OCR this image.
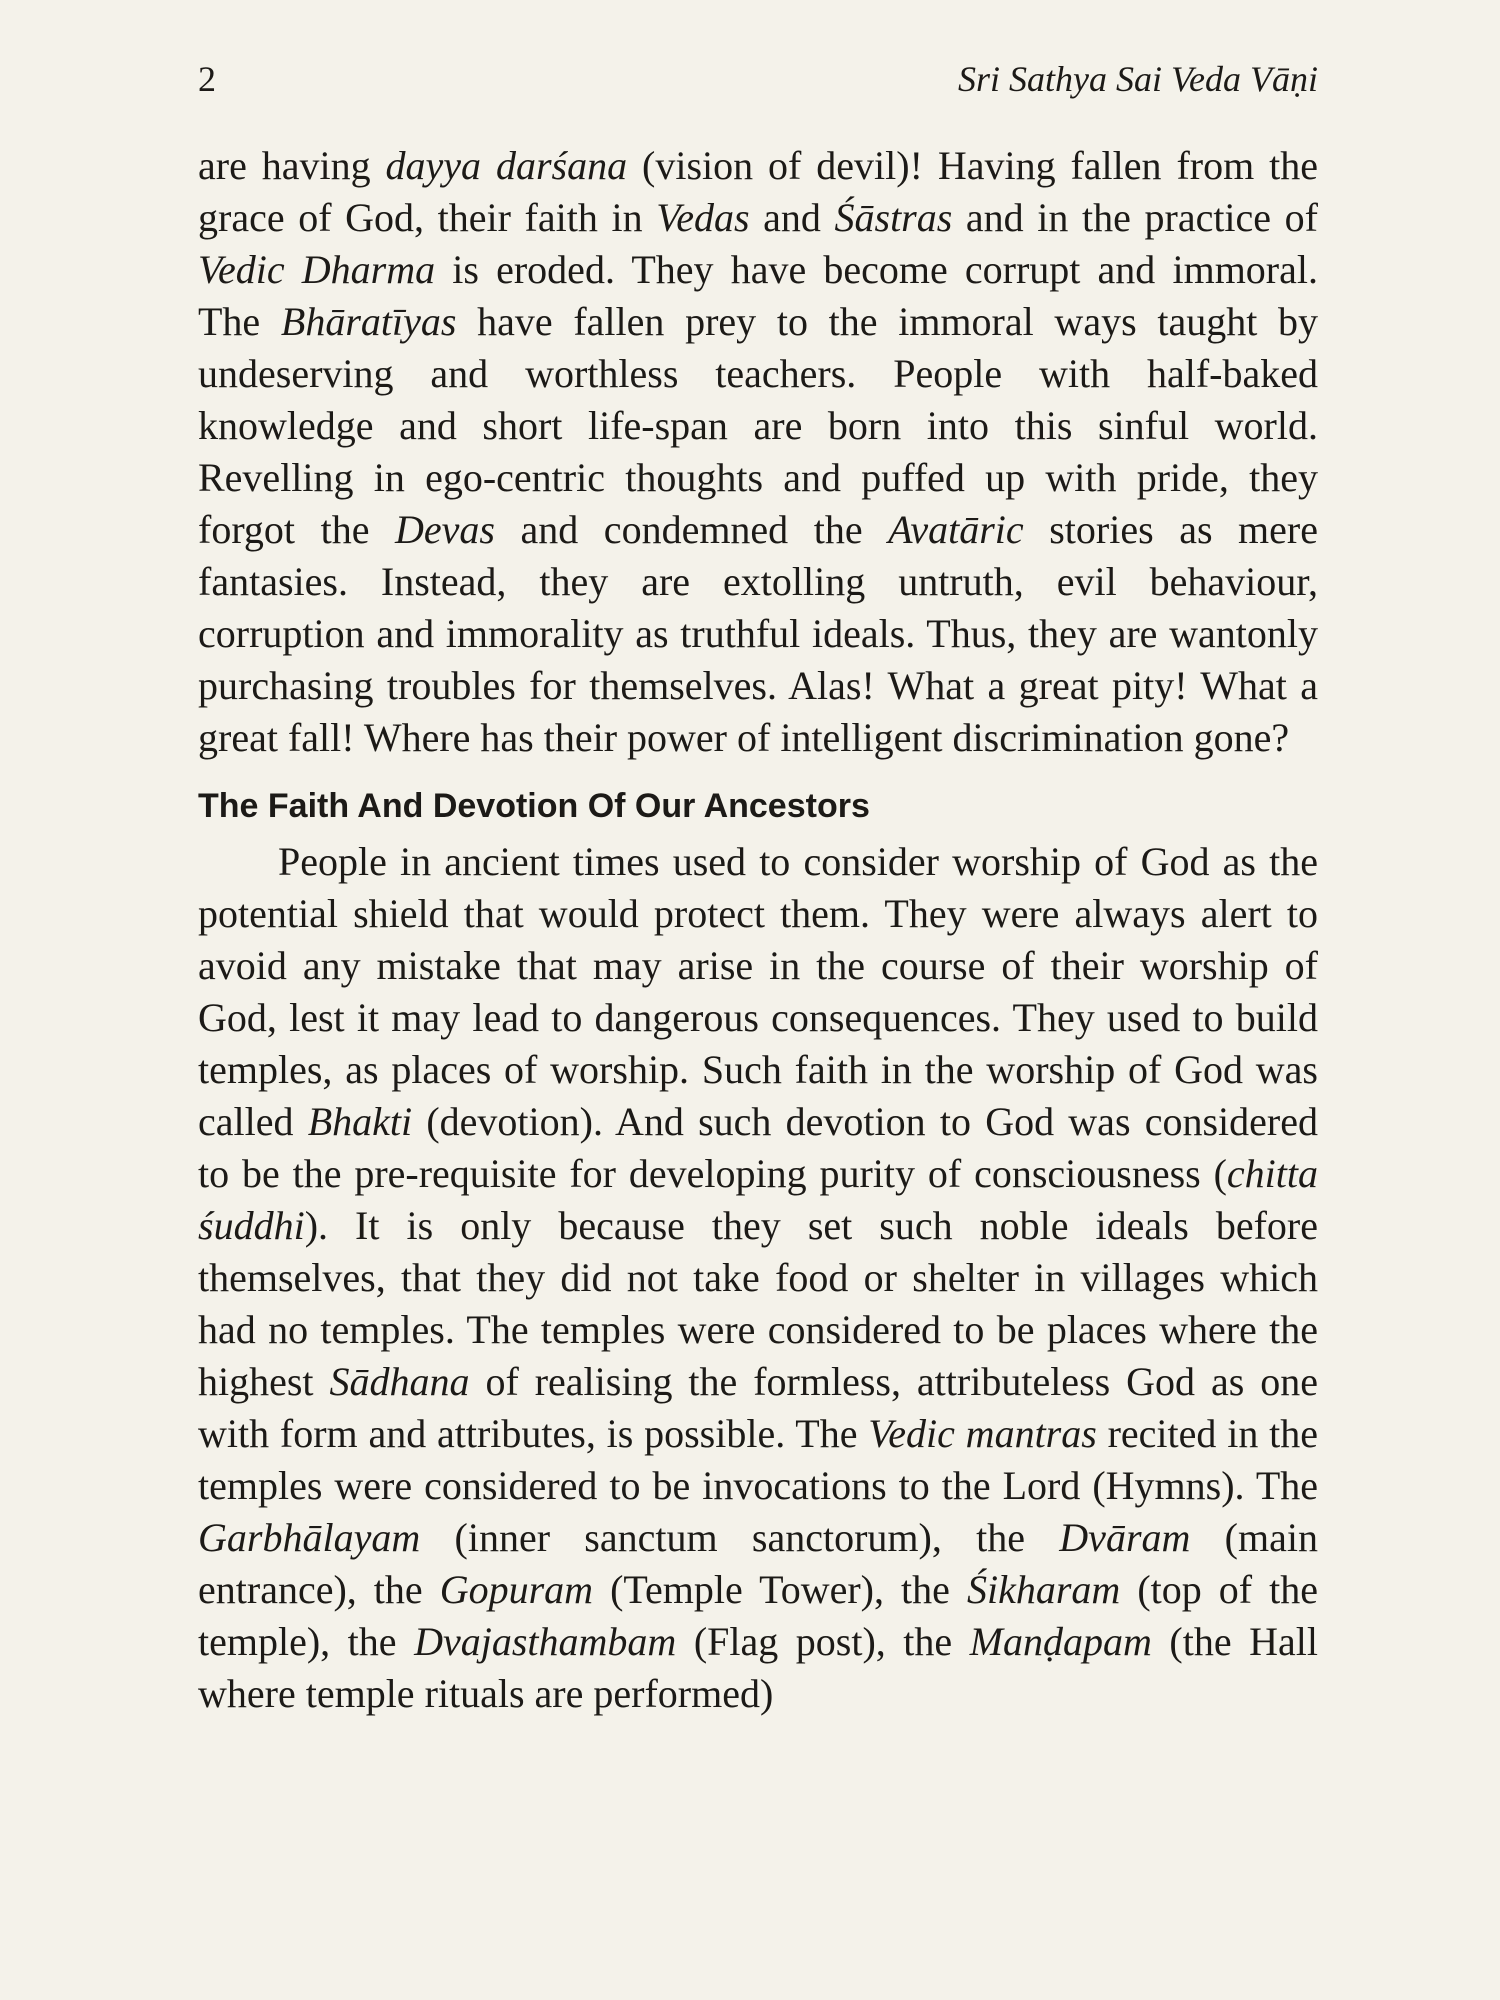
2	Sri Sathya Sai Veda Vāṇi

are having dayya darśana (vision of devil)! Having fallen from the grace of God, their faith in Vedas and Śāstras and in the practice of Vedic Dharma is eroded. They have become corrupt and immoral. The Bhāratīyas have fallen prey to the immoral ways taught by undeserving and worthless teachers. People with half-baked knowledge and short life-span are born into this sinful world. Revelling in ego-centric thoughts and puffed up with pride, they forgot the Devas and condemned the Avatāric stories as mere fantasies. Instead, they are extolling untruth, evil behaviour, corruption and immorality as truthful ideals. Thus, they are wantonly purchasing troubles for themselves. Alas! What a great pity! What a great fall! Where has their power of intelligent discrimination gone?

The Faith And Devotion Of Our Ancestors

People in ancient times used to consider worship of God as the potential shield that would protect them. They were always alert to avoid any mistake that may arise in the course of their worship of God, lest it may lead to dangerous consequences. They used to build temples, as places of worship. Such faith in the worship of God was called Bhakti (devotion). And such devotion to God was considered to be the pre-requisite for developing purity of consciousness (chitta śuddhi). It is only because they set such noble ideals before themselves, that they did not take food or shelter in villages which had no temples. The temples were considered to be places where the highest Sādhana of realising the formless, attributeless God as one with form and attributes, is possible. The Vedic mantras recited in the temples were considered to be invocations to the Lord (Hymns). The Garbhālayam (inner sanctum sanctorum), the Dvāram (main entrance), the Gopuram (Temple Tower), the Śikharam (top of the temple), the Dvajasthambam (Flag post), the Manḍapam (the Hall where temple rituals are performed)
